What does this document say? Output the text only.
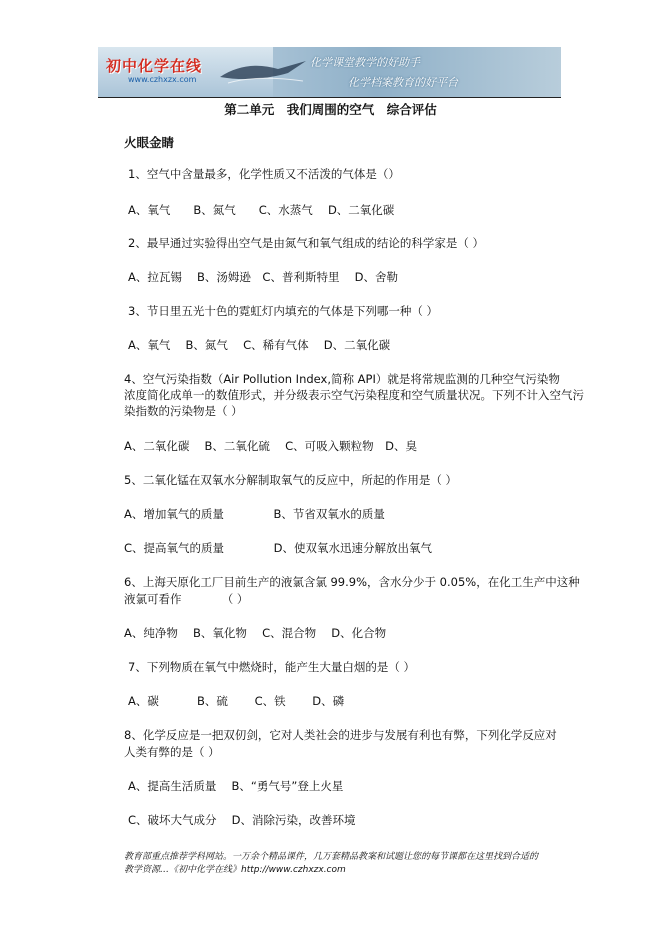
初中化学在线
www.czhxzx.com
化学课堂教学的好助手
化学档案教育的好平台
第二单元　我们周围的空气　综合评估
火眼金睛
1、空气中含量最多，化学性质又不活泼的气体是（）
A、氧气　　B、氮气　　C、水蒸气　 D、二氧化碳
2、最早通过实验得出空气是由氮气和氧气组成的结论的科学家是（ ）
A、拉瓦锡　 B、汤姆逊　C、普利斯特里　 D、舍勒
3、节日里五光十色的霓虹灯内填充的气体是下列哪一种（ ）
A、氧气　 B、氮气　 C、稀有气体　 D、二氧化碳
4、空气污染指数（Air Pollution Index,简称 API）就是将常规监测的几种空气污染物
浓度简化成单一的数值形式，并分级表示空气污染程度和空气质量状况。下列不计入空气污
染指数的污染物是（ ）
A、二氧化碳　 B、二氧化硫　 C、可吸入颗粒物　D、臭
5、二氧化锰在双氧水分解制取氧气的反应中，所起的作用是（ ）
A、增加氧气的质量　　　　 B、节省双氧水的质量
C、提高氧气的质量　　　　 D、使双氧水迅速分解放出氧气
6、上海天原化工厂目前生产的液氯含氯 99.9%，含水分少于 0.05%，在化工生产中这种
液氯可看作　　　　（ ）
A、纯净物　 B、氧化物　 C、混合物　 D、化合物
7、下列物质在氧气中燃烧时，能产生大量白烟的是（ ）
A、碳　　　 B、硫　　 C、铁　　 D、磷
8、化学反应是一把双仞剑，它对人类社会的进步与发展有利也有弊，下列化学反应对
人类有弊的是（ ）
A、提高生活质量　 B、“勇气号”登上火星
C、破坏大气成分　 D、消除污染，改善环境
教育部重点推荐学科网站。一万余个精品课件，几万套精品教案和试题让您的每节课都在这里找到合适的
教学资源…《初中化学在线》http://www.czhxzx.com
